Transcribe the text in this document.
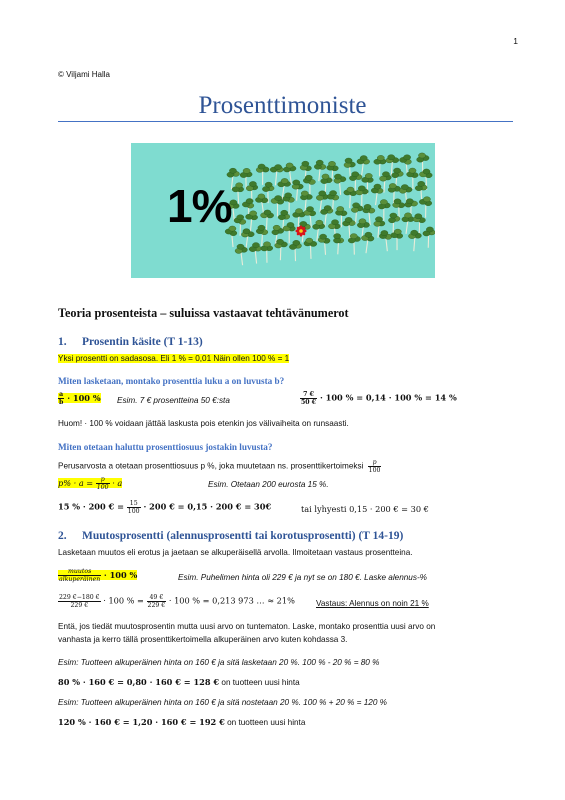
1
© Viljami Halla
Prosenttimoniste
1%
Teoria prosenteista – suluissa vastaavat tehtävänumerot
1. Prosentin käsite (T 1-13)
Yksi prosentti on sadasosa. Eli 1 % = 0,01 Näin ollen 100 % = 1
Miten lasketaan, montako prosenttia luku a on luvusta b?
$\frac{a}{b} \cdot 100$ % Esim. 7 € prosentteina 50 €:sta	$\frac{7 €}{50 €} \cdot 100$ % = 0,14 · 100 % = 14 %
Huom! · 100 % voidaan jättää laskusta pois etenkin jos välivaiheita on runsaasti.
Miten otetaan haluttu prosenttiosuus jostakin luvusta?
Perusarvosta a otetaan prosenttiosuus p %, joka muutetaan ns. prosenttikertoimeksi $\frac{p}{100}$
$p\% \cdot a = \frac{p}{100} \cdot a$	Esim. Otetaan 200 eurosta 15 %.
15 % · 200 € = $\frac{15}{100} \cdot 200$ € = 0,15 · 200 € = 30€	tai lyhyesti 0,15 · 200 € = 30 €
2. Muutosprosentti (alennusprosentti tai korotusprosentti) (T 14-19)
Lasketaan muutos eli erotus ja jaetaan se alkuperäisellä arvolla. Ilmoitetaan vastaus prosentteina.
$\frac{\text{muutos}}{\text{alkuperäinen}} \cdot 100$ %	Esim. Puhelimen hinta oli 229 € ja nyt se on 180 €. Laske alennus-%
$\frac{229 €-180 €}{229 €} \cdot 100$ % = $\frac{49 €}{229 €} \cdot 100$ % = 0,213 973 … ≈ 21%	Vastaus: Alennus on noin 21 %
Entä, jos tiedät muutosprosentin mutta uusi arvo on tuntematon. Laske, montako prosenttia uusi arvo on
vanhasta ja kerro tällä prosenttikertoimella alkuperäinen arvo kuten kohdassa 3.
Esim: Tuotteen alkuperäinen hinta on 160 € ja sitä lasketaan 20 %. 100 % - 20 % = 80 %
80 % · 160 € = 0,80 · 160 € = 128 € on tuotteen uusi hinta
Esim: Tuotteen alkuperäinen hinta on 160 € ja sitä nostetaan 20 %. 100 % + 20 % = 120 %
120 % · 160 € = 1,20 · 160 € = 192 € on tuotteen uusi hinta
